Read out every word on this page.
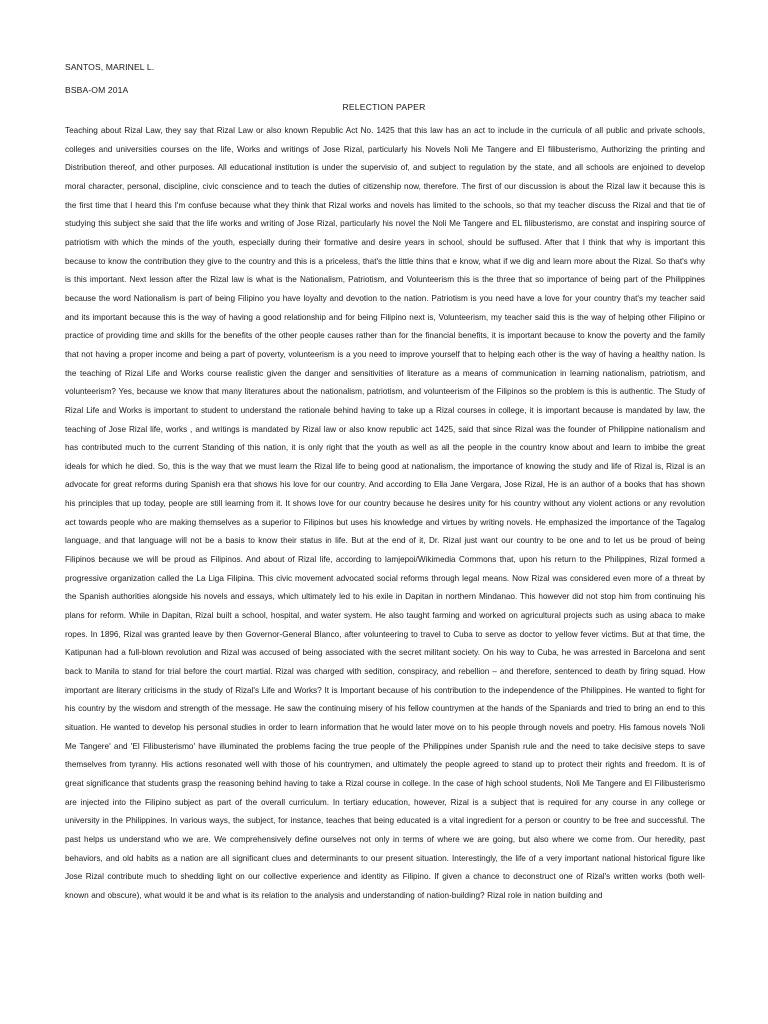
SANTOS, MARINEL L.
BSBA-OM 201A
RELECTION PAPER

Teaching about Rizal Law, they say that Rizal Law or also known Republic Act No. 1425 that this law has an act to include in the curricula of all public and private schools, colleges and universities courses on the life, Works and writings of Jose Rizal, particularly his Novels Noli Me Tangere and El filibusterismo, Authorizing the printing and Distribution thereof, and other purposes. All educational institution is under the supervisio of, and subject to regulation by the state, and all schools are enjoined to develop moral character, personal, discipline, civic conscience and to teach the duties of citizenship now, therefore. The first of our discussion is about the Rizal law it because this is the first time that I heard this I'm confuse because what they think that Rizal works and novels has limited to the schools, so that my teacher discuss the Rizal and that tie of studying this subject she said that the life works and writing of Jose Rizal, particularly his novel the Noli Me Tangere and EL filibusterismo, are constat and inspiring source of patriotism with which the minds of the youth, especially during their formative and desire years in school, should be suffused. After that I think that why is important this because to know the contribution they give to the country and this is a priceless, that's the little thins that e know, what if we dig and learn more about the Rizal. So that's why is this important. Next lesson after the Rizal law is what is the Nationalism, Patriotism, and Volunteerism this is the three that so importance of being part of the Philippines because the word Nationalism is part of being Filipino you have loyalty and devotion to the nation. Patriotism is you need have a love for your country that's my teacher said and its important because this is the way of having a good relationship and for being Filipino next is, Volunteerism, my teacher said this is the way of helping other Filipino or practice of providing time and skills for the benefits of the other people causes rather than for the financial benefits, it is important because to know the poverty and the family that not having a proper income and being a part of poverty, volunteerism is a you need to improve yourself that to helping each other is the way of having a healthy nation. Is the teaching of Rizal Life and Works course realistic given the danger and sensitivities of literature as a means of communication in learning nationalism, patriotism, and volunteerism? Yes, because we know that many literatures about the nationalism, patriotism, and volunteerism of the Filipinos so the problem is this is authentic. The Study of Rizal Life and Works is important to student to understand the rationale behind having to take up a Rizal courses in college, it is important because is mandated by law, the teaching of Jose Rizal life, works , and writings is mandated by Rizal law or also know republic act 1425, said that since Rizal was the founder of Philippine nationalism and has contributed much to the current Standing of this nation, it is only right that the youth as well as all the people in the country know about and learn to imbibe the great ideals for which he died. So, this is the way that we must learn the Rizal life to being good at nationalism, the importance of knowing the study and life of Rizal is, Rizal is an advocate for great reforms during Spanish era that shows his love for our country. And according to Ella Jane Vergara, Jose Rizal, He is an author of a books that has shown his principles that up today, people are still learning from it. It shows love for our country because he desires unity for his country without any violent actions or any revolution act towards people who are making themselves as a superior to Filipinos but uses his knowledge and virtues by writing novels. He emphasized the importance of the Tagalog language, and that language will not be a basis to know their status in life. But at the end of it, Dr. Rizal just want our country to be one and to let us be proud of being Filipinos because we will be proud as Filipinos. And about of Rizal life, according to lamjepoi/Wikimedia Commons that, upon his return to the Philippines, Rizal formed a progressive organization called the La Liga Filipina. This civic movement advocated social reforms through legal means. Now Rizal was considered even more of a threat by the Spanish authorities alongside his novels and essays, which ultimately led to his exile in Dapitan in northern Mindanao. This however did not stop him from continuing his plans for reform. While in Dapitan, Rizal built a school, hospital, and water system. He also taught farming and worked on agricultural projects such as using abaca to make ropes. In 1896, Rizal was granted leave by then Governor-General Blanco, after volunteering to travel to Cuba to serve as doctor to yellow fever victims. But at that time, the Katipunan had a full-blown revolution and Rizal was accused of being associated with the secret militant society. On his way to Cuba, he was arrested in Barcelona and sent back to Manila to stand for trial before the court martial. Rizal was charged with sedition, conspiracy, and rebellion – and therefore, sentenced to death by firing squad. How important are literary criticisms in the study of Rizal's Life and Works? It is Important because of his contribution to the independence of the Philippines. He wanted to fight for his country by the wisdom and strength of the message. He saw the continuing misery of his fellow countrymen at the hands of the Spaniards and tried to bring an end to this situation. He wanted to develop his personal studies in order to learn information that he would later move on to his people through novels and poetry. His famous novels 'Noli Me Tangere' and 'El Filibusterismo' have illuminated the problems facing the true people of the Philippines under Spanish rule and the need to take decisive steps to save themselves from tyranny. His actions resonated well with those of his countrymen, and ultimately the people agreed to stand up to protect their rights and freedom. It is of great significance that students grasp the reasoning behind having to take a Rizal course in college. In the case of high school students, Noli Me Tangere and El Filibusterismo are injected into the Filipino subject as part of the overall curriculum. In tertiary education, however, Rizal is a subject that is required for any course in any college or university in the Philippines. In various ways, the subject, for instance, teaches that being educated is a vital ingredient for a person or country to be free and successful. The past helps us understand who we are. We comprehensively define ourselves not only in terms of where we are going, but also where we come from. Our heredity, past behaviors, and old habits as a nation are all significant clues and determinants to our present situation. Interestingly, the life of a very important national historical figure like Jose Rizal contribute much to shedding light on our collective experience and identity as Filipino. If given a chance to deconstruct one of Rizal's written works (both well-known and obscure), what would it be and what is its relation to the analysis and understanding of nation-building? Rizal role in nation building and
